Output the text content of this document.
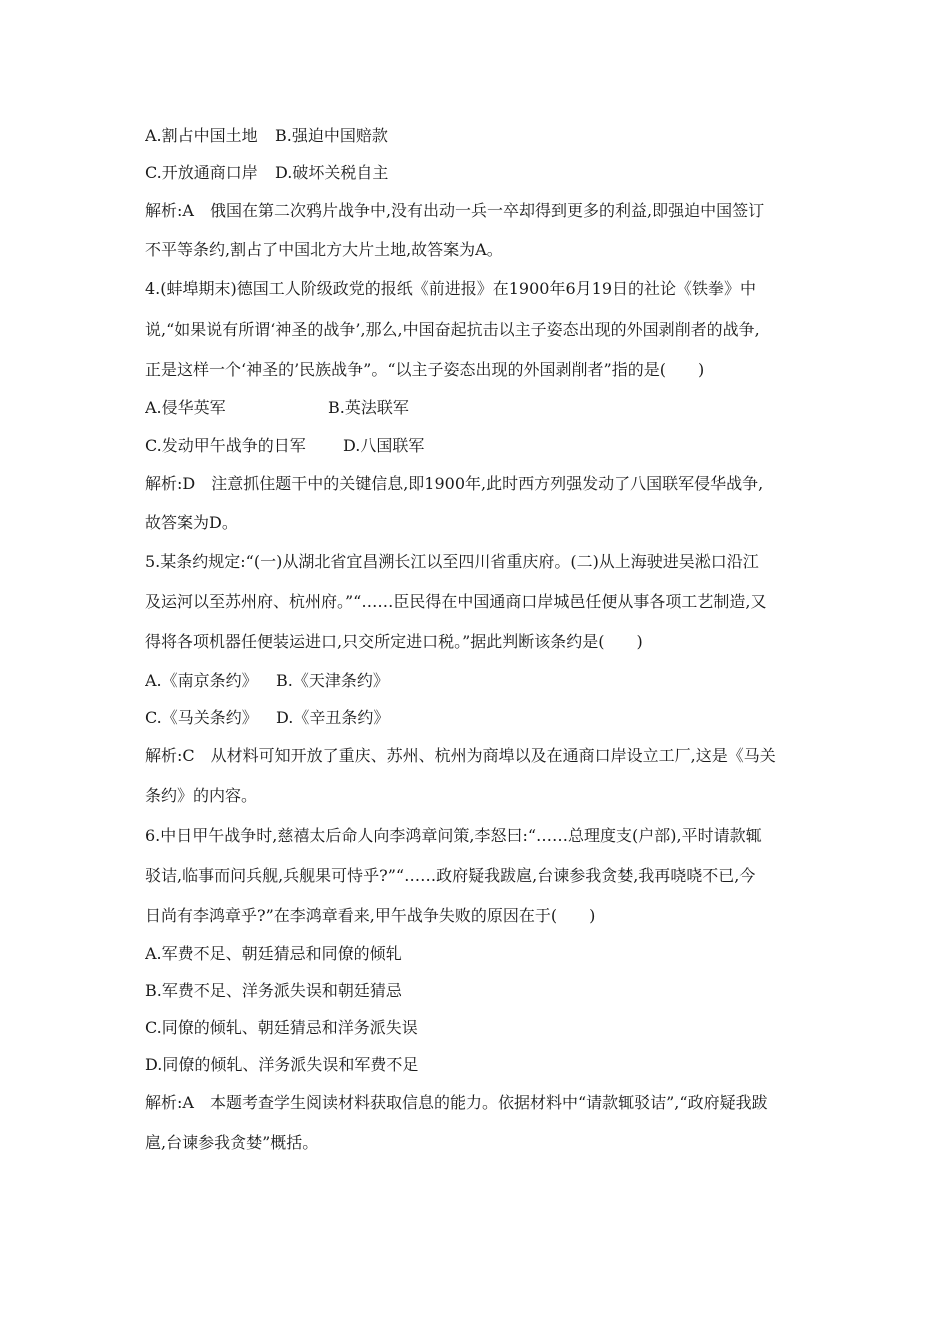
A.割占中国土地 B.强迫中国赔款
C.开放通商口岸 D.破坏关税自主
解析:A　俄国在第二次鸦片战争中,没有出动一兵一卒却得到更多的利益,即强迫中国签订
不平等条约,割占了中国北方大片土地,故答案为A。
4.(蚌埠期末)德国工人阶级政党的报纸《前进报》在1900年6月19日的社论《铁拳》中
说,“如果说有所谓‘神圣的战争’,那么,中国奋起抗击以主子姿态出现的外国剥削者的战争,
正是这样一个‘神圣的’民族战争”。“以主子姿态出现的外国剥削者”指的是(　　)
A.侵华英军	B.英法联军
C.发动甲午战争的日军 D.八国联军
解析:D　注意抓住题干中的关键信息,即1900年,此时西方列强发动了八国联军侵华战争,
故答案为D。
5.某条约规定:“(一)从湖北省宜昌溯长江以至四川省重庆府。(二)从上海驶进吴淞口沿江
及运河以至苏州府、杭州府。”“……臣民得在中国通商口岸城邑任便从事各项工艺制造,又
得将各项机器任便装运进口,只交所定进口税。”据此判断该条约是(　　)
A.《南京条约》 B.《天津条约》
C.《马关条约》 D.《辛丑条约》
解析:C　从材料可知开放了重庆、苏州、杭州为商埠以及在通商口岸设立工厂,这是《马关
条约》的内容。
6.中日甲午战争时,慈禧太后命人向李鸿章问策,李怒曰:“……总理度支(户部),平时请款辄
驳诘,临事而问兵舰,兵舰果可恃乎?”“……政府疑我跋扈,台谏参我贪婪,我再哓哓不已,今
日尚有李鸿章乎?”在李鸿章看来,甲午战争失败的原因在于(　　)
A.军费不足、朝廷猜忌和同僚的倾轧
B.军费不足、洋务派失误和朝廷猜忌
C.同僚的倾轧、朝廷猜忌和洋务派失误
D.同僚的倾轧、洋务派失误和军费不足
解析:A　本题考查学生阅读材料获取信息的能力。依据材料中“请款辄驳诘”,“政府疑我跋
扈,台谏参我贪婪”概括。
